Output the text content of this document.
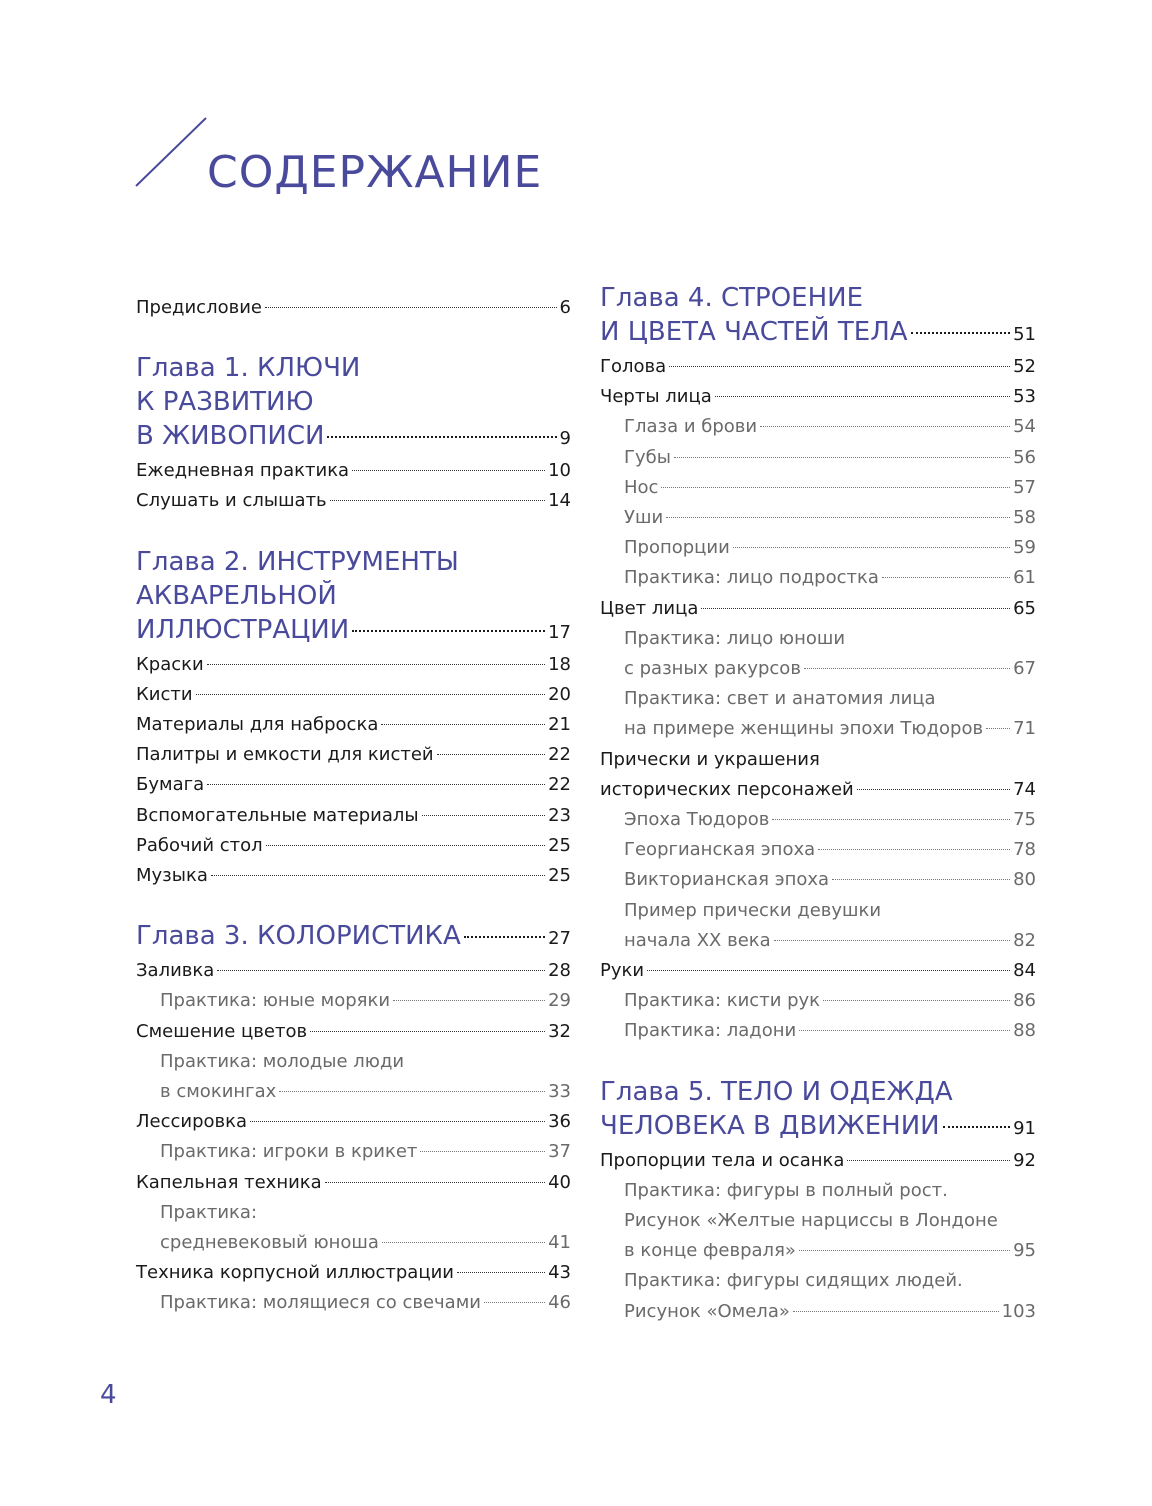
СОДЕРЖАНИЕ
Предисловие	6
Глава 1. КЛЮЧИ
К РАЗВИТИЮ
В ЖИВОПИСИ	9
Ежедневная практика	10
Слушать и слышать	14
Глава 2. ИНСТРУМЕНТЫ
АКВАРЕЛЬНОЙ
ИЛЛЮСТРАЦИИ	17
Краски	18
Кисти	20
Материалы для наброска	21
Палитры и емкости для кистей	22
Бумага	22
Вспомогательные материалы	23
Рабочий стол	25
Музыка	25
Глава 3. КОЛОРИСТИКА	27
Заливка	28
Практика: юные моряки	29
Смешение цветов	32
Практика: молодые люди
в смокингах	33
Лессировка	36
Практика: игроки в крикет	37
Капельная техника	40
Практика:
средневековый юноша	41
Техника корпусной иллюстрации	43
Практика: молящиеся со свечами	46
Глава 4. СТРОЕНИЕ
И ЦВЕТА ЧАСТЕЙ ТЕЛА	51
Голова	52
Черты лица	53
Глаза и брови	54
Губы	56
Нос	57
Уши	58
Пропорции	59
Практика: лицо подростка	61
Цвет лица	65
Практика: лицо юноши
с разных ракурсов	67
Практика: свет и анатомия лица
на примере женщины эпохи Тюдоров 71
Прически и украшения
исторических персонажей	74
Эпоха Тюдоров	75
Георгианская эпоха	78
Викторианская эпоха	80
Пример прически девушки
начала XX века	82
Руки	84
Практика: кисти рук	86
Практика: ладони	88
Глава 5. ТЕЛО И ОДЕЖДА
ЧЕЛОВЕКА В ДВИЖЕНИИ	91
Пропорции тела и осанка	92
Практика: фигуры в полный рост.
Рисунок «Желтые нарциссы в Лондоне
в конце февраля»	95
Практика: фигуры сидящих людей.
Рисунок «Омела»	103
4
